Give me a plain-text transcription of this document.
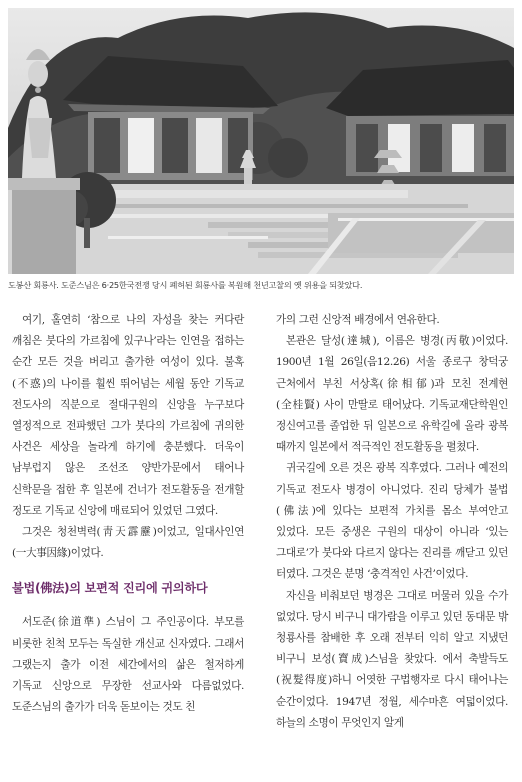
도봉산 회룡사. 도준스님은 6·25한국전쟁 당시 폐허된 회룡사를 복원해 천년고찰의 옛 위용을 되찾았다.

여기, 홀연히 ‘참으로 나의 자성을 찾는 커다란 깨침은 붓다의 가르침에 있구나’라는 인연을 접하는 순간 모든 것을 버리고 출가한 여성이 있다. 불혹(不惑)의 나이를 훨씬 뛰어넘는 세월 동안 기독교 전도사의 직분으로 절대구원의 신앙을 누구보다 열정적으로 전파했던 그가 붓다의 가르침에 귀의한 사건은 세상을 놀라게 하기에 충분했다. 더욱이 남부럽지 않은 조선조 양반가문에서 태어나 신학문을 접한 후 일본에 건너가 전도활동을 전개할 정도로 기독교 신앙에 매료되어 있었던 그였다.

그것은 청천벽력(靑天霹靂)이었고, 일대사인연(一大事因緣)이었다.

불법(佛法)의 보편적 진리에 귀의하다

서도준(徐道準) 스님이 그 주인공이다. 부모를 비롯한 친척 모두는 독실한 개신교 신자였다. 그래서 그랬는지 출가 이전 세간에서의 삶은 철저하게 기독교 신앙으로 무장한 선교사와 다름없었다. 도준스님의 출가가 더욱 돋보이는 것도 친

가의 그런 신앙적 배경에서 연유한다.

본관은 달성(達城), 이름은 병경(丙敬)이었다. 1900년 1월 26일(음12.26) 서울 종로구 창덕궁 근처에서 부친 서상혹(徐相郁)과 모친 전계현(全桂賢) 사이 만딸로 태어났다. 기독교재단학원인 정신여고를 졸업한 뒤 일본으로 유학길에 올라 광복 때까지 일본에서 적극적인 전도활동을 펼쳤다.

귀국길에 오른 것은 광복 직후였다. 그러나 예전의 기독교 전도사 병경이 아니었다. 진리 당체가 불법(佛法)에 있다는 보편적 가치를 몸소 부여안고 있었다. 모든 중생은 구원의 대상이 아니라 ‘있는 그대로’가 붓다와 다르지 않다는 진리를 깨닫고 있던 터였다. 그것은 분명 ‘충격적인 사건’이었다.

자신을 비춰보던 병경은 그대로 머물러 있을 수가 없었다. 당시 비구니 대가람을 이루고 있던 동대문 밖 청룡사를 참배한 후 오래 전부터 익히 알고 지냈던 비구니 보성(寶成)스님을 찾았다. 에서 축발득도(祝髮得度)하니 어엿한 구법행자로 다시 태어나는 순간이었다. 1947년 정월, 세수마흔 여덟이었다. 하늘의 소명이 무엇인지 알게
